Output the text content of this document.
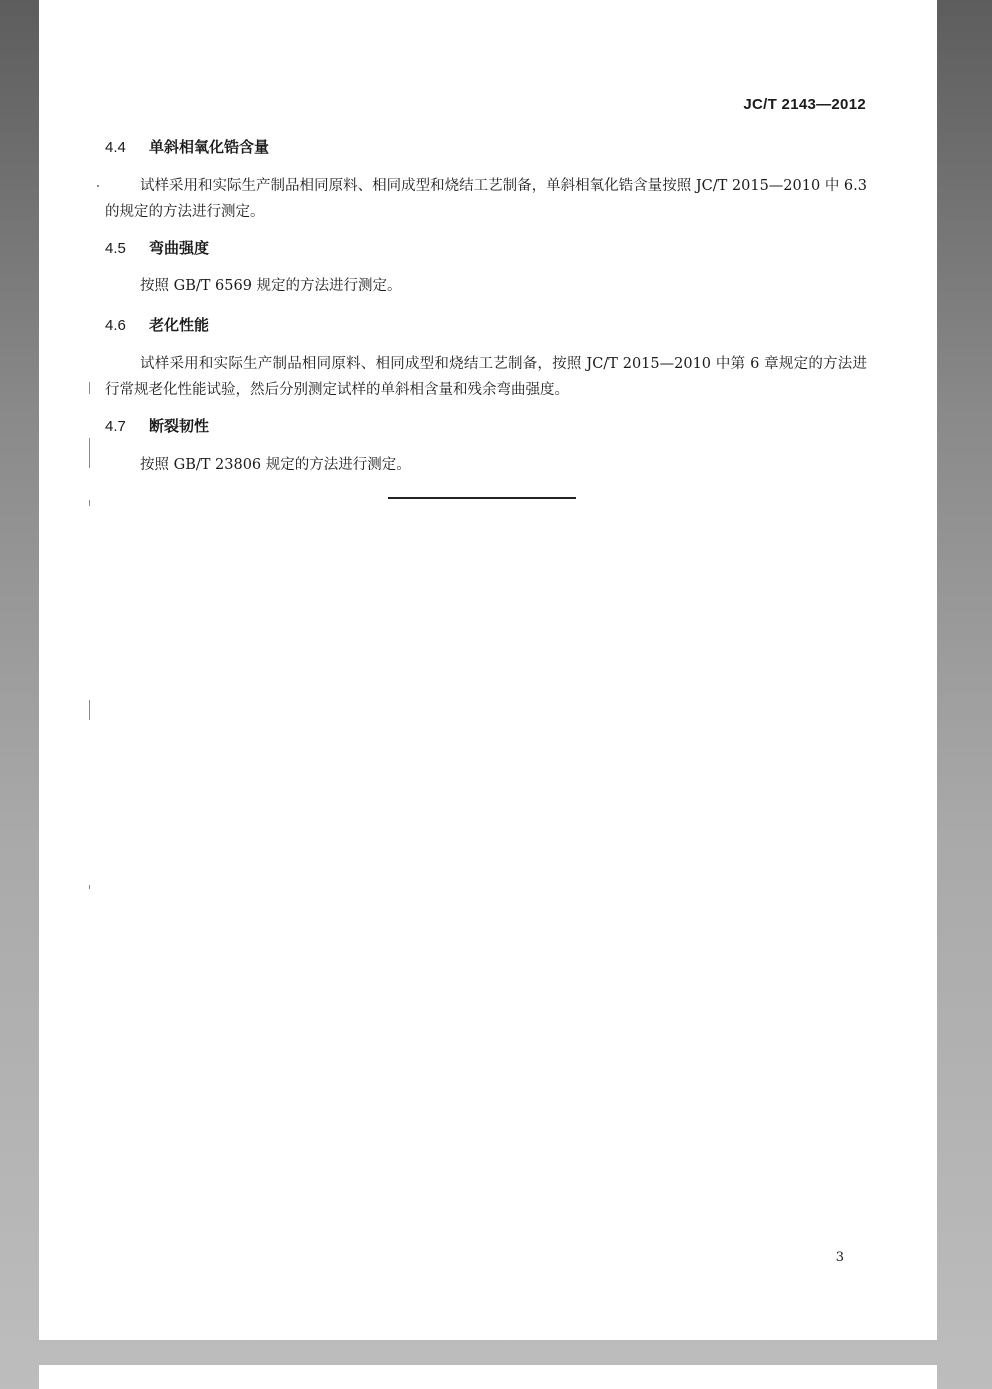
JC/T 2143—2012
4.4 单斜相氧化锆含量
试样采用和实际生产制品相同原料、相同成型和烧结工艺制备，单斜相氧化锆含量按照 JC/T 2015—2010 中 6.3 的规定的方法进行测定。
4.5 弯曲强度
按照 GB/T 6569 规定的方法进行测定。
4.6 老化性能
试样采用和实际生产制品相同原料、相同成型和烧结工艺制备，按照 JC/T 2015—2010 中第 6 章规定的方法进行常规老化性能试验，然后分别测定试样的单斜相含量和残余弯曲强度。
4.7 断裂韧性
按照 GB/T 23806 规定的方法进行测定。
3
